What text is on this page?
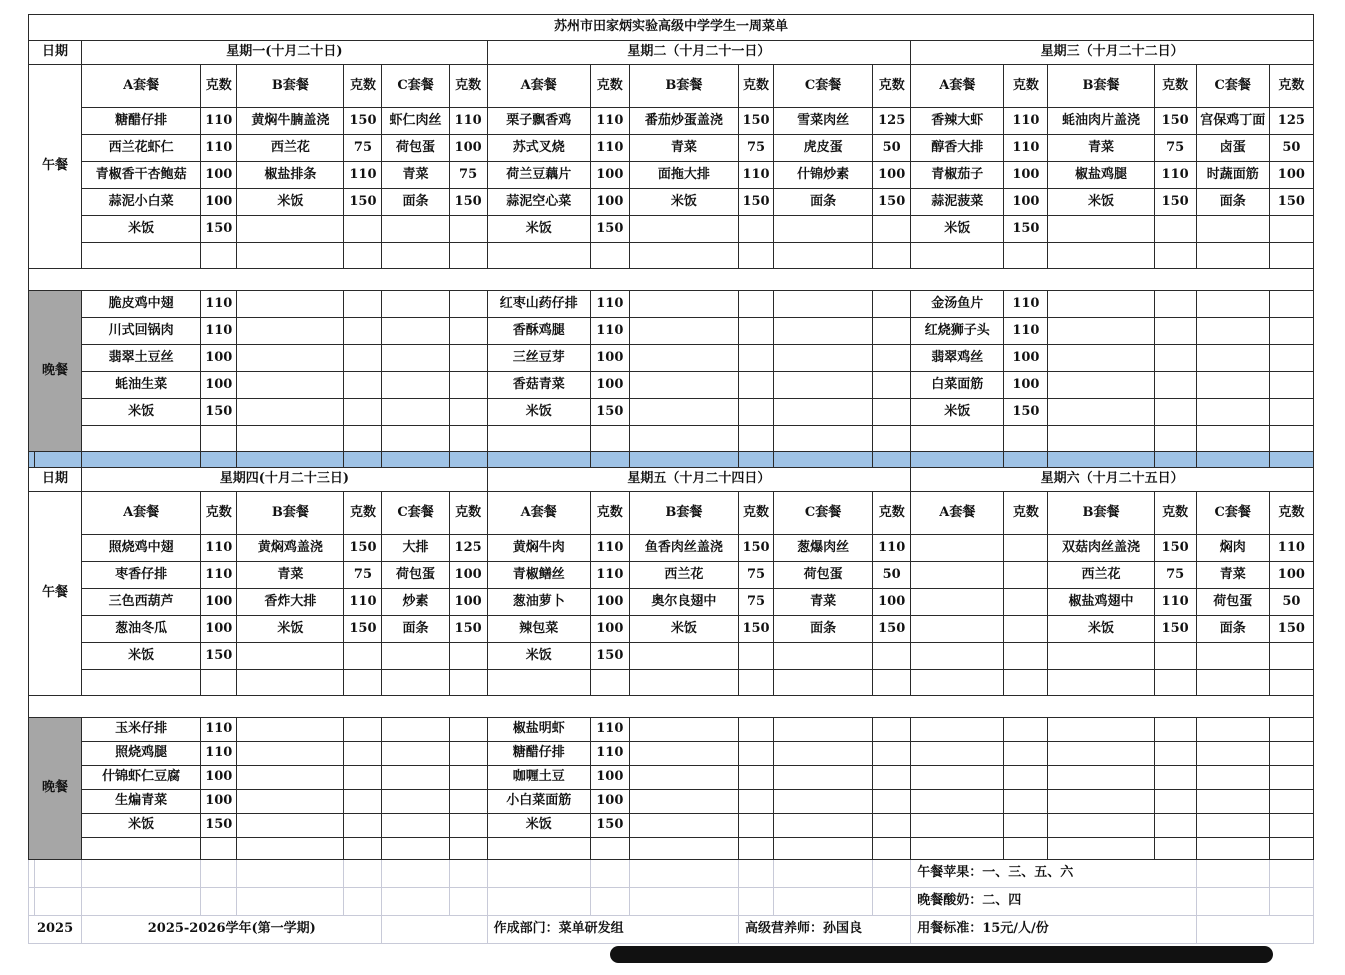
苏州市田家炳实验高级中学学生一周菜单																			
日期		星期一(十月二十日)						星期二（十月二十一日）						星期三（十月二十二日）					
午餐		A套餐	克数	B套餐	克数	C套餐	克数	A套餐	克数	B套餐	克数	C套餐	克数	A套餐	克数	B套餐	克数	C套餐	克数
		糖醋仔排	110	黄焖牛腩盖浇	150	虾仁肉丝	110	栗子飘香鸡	110	番茄炒蛋盖浇	150	雪菜肉丝	125	香辣大虾	110	蚝油肉片盖浇	150	宫保鸡丁面	125
		西兰花虾仁	110	西兰花	75	荷包蛋	100	苏式叉烧	110	青菜	75	虎皮蛋	50	醇香大排	110	青菜	75	卤蛋	50
		青椒香干杏鲍菇	100	椒盐排条	110	青菜	75	荷兰豆藕片	100	面拖大排	110	什锦炒素	100	青椒茄子	100	椒盐鸡腿	110	时蔬面筋	100
		蒜泥小白菜	100	米饭	150	面条	150	蒜泥空心菜	100	米饭	150	面条	150	蒜泥菠菜	100	米饭	150	面条	150
		米饭	150					米饭	150					米饭	150				

晚餐		脆皮鸡中翅	110					红枣山药仔排	110					金汤鱼片	110				
		川式回锅肉	110					香酥鸡腿	110					红烧狮子头	110				
		翡翠土豆丝	100					三丝豆芽	100					翡翠鸡丝	100				
		蚝油生菜	100					香菇青菜	100					白菜面筋	100				
		米饭	150					米饭	150					米饭	150				

日期		星期四(十月二十三日)						星期五（十月二十四日）						星期六（十月二十五日）					
午餐		A套餐	克数	B套餐	克数	C套餐	克数	A套餐	克数	B套餐	克数	C套餐	克数	A套餐	克数	B套餐	克数	C套餐	克数
		照烧鸡中翅	110	黄焖鸡盖浇	150	大排	125	黄焖牛肉	110	鱼香肉丝盖浇	150	葱爆肉丝	110			双菇肉丝盖浇	150	焖肉	110
		枣香仔排	110	青菜	75	荷包蛋	100	青椒鳝丝	110	西兰花	75	荷包蛋	50			西兰花	75	青菜	100
		三色西葫芦	100	香炸大排	110	炒素	100	葱油萝卜	100	奥尔良翅中	75	青菜	100			椒盐鸡翅中	110	荷包蛋	50
		葱油冬瓜	100	米饭	150	面条	150	辣包菜	100	米饭	150	面条	150			米饭	150	面条	150
		米饭	150					米饭	150										

晚餐		玉米仔排	110					椒盐明虾	110										
		照烧鸡腿	110					糖醋仔排	110										
		什锦虾仁豆腐	100					咖喱土豆	100										
		生煸青菜	100					小白菜面筋	100										
		米饭	150					米饭	150										

														午餐苹果：一、三、五、六					
														晚餐酸奶：二、四					
2025		2025-2026学年(第一学期)						作成部门：菜单研发组			高级营养师：孙国良			用餐标准：15元/人/份					
